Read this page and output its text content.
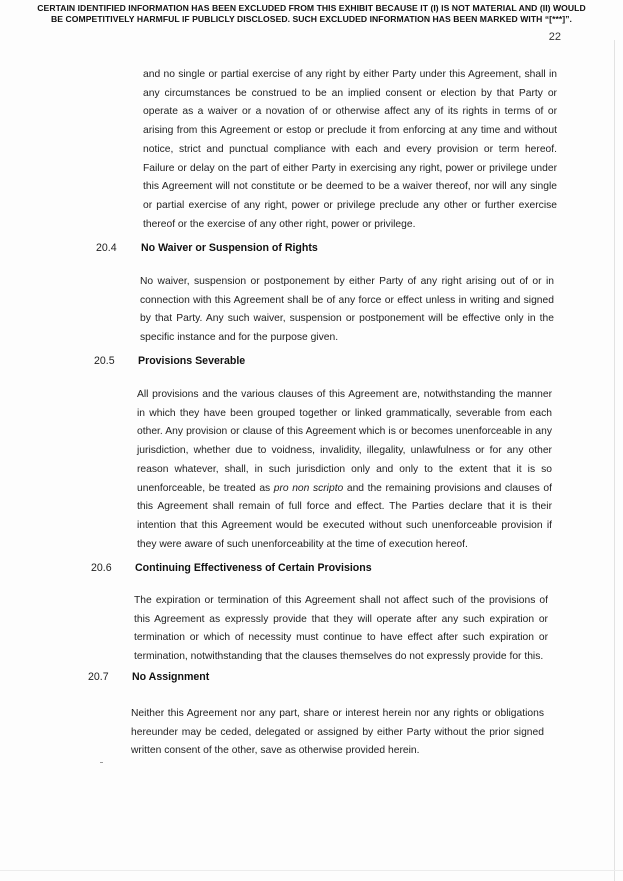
CERTAIN IDENTIFIED INFORMATION HAS BEEN EXCLUDED FROM THIS EXHIBIT BECAUSE IT (I) IS NOT MATERIAL AND (II) WOULD
BE COMPETITIVELY HARMFUL IF PUBLICLY DISCLOSED. SUCH EXCLUDED INFORMATION HAS BEEN MARKED WITH “[***]”.
22
and no single or partial exercise of any right by either Party under this Agreement, shall in any circumstances be construed to be an implied consent or election by that Party or operate as a waiver or a novation of or otherwise affect any of its rights in terms of or arising from this Agreement or estop or preclude it from enforcing at any time and without notice, strict and punctual compliance with each and every provision or term hereof. Failure or delay on the part of either Party in exercising any right, power or privilege under this Agreement will not constitute or be deemed to be a waiver thereof, nor will any single or partial exercise of any right, power or privilege preclude any other or further exercise thereof or the exercise of any other right, power or privilege.
20.4 No Waiver or Suspension of Rights
No waiver, suspension or postponement by either Party of any right arising out of or in connection with this Agreement shall be of any force or effect unless in writing and signed by that Party. Any such waiver, suspension or postponement will be effective only in the specific instance and for the purpose given.
20.5 Provisions Severable
All provisions and the various clauses of this Agreement are, notwithstanding the manner in which they have been grouped together or linked grammatically, severable from each other. Any provision or clause of this Agreement which is or becomes unenforceable in any jurisdiction, whether due to voidness, invalidity, illegality, unlawfulness or for any other reason whatever, shall, in such jurisdiction only and only to the extent that it is so unenforceable, be treated as pro non scripto and the remaining provisions and clauses of this Agreement shall remain of full force and effect. The Parties declare that it is their intention that this Agreement would be executed without such unenforceable provision if they were aware of such unenforceability at the time of execution hereof.
20.6 Continuing Effectiveness of Certain Provisions
The expiration or termination of this Agreement shall not affect such of the provisions of this Agreement as expressly provide that they will operate after any such expiration or termination or which of necessity must continue to have effect after such expiration or termination, notwithstanding that the clauses themselves do not expressly provide for this.
20.7 No Assignment
Neither this Agreement nor any part, share or interest herein nor any rights or obligations hereunder may be ceded, delegated or assigned by either Party without the prior signed written consent of the other, save as otherwise provided herein.
